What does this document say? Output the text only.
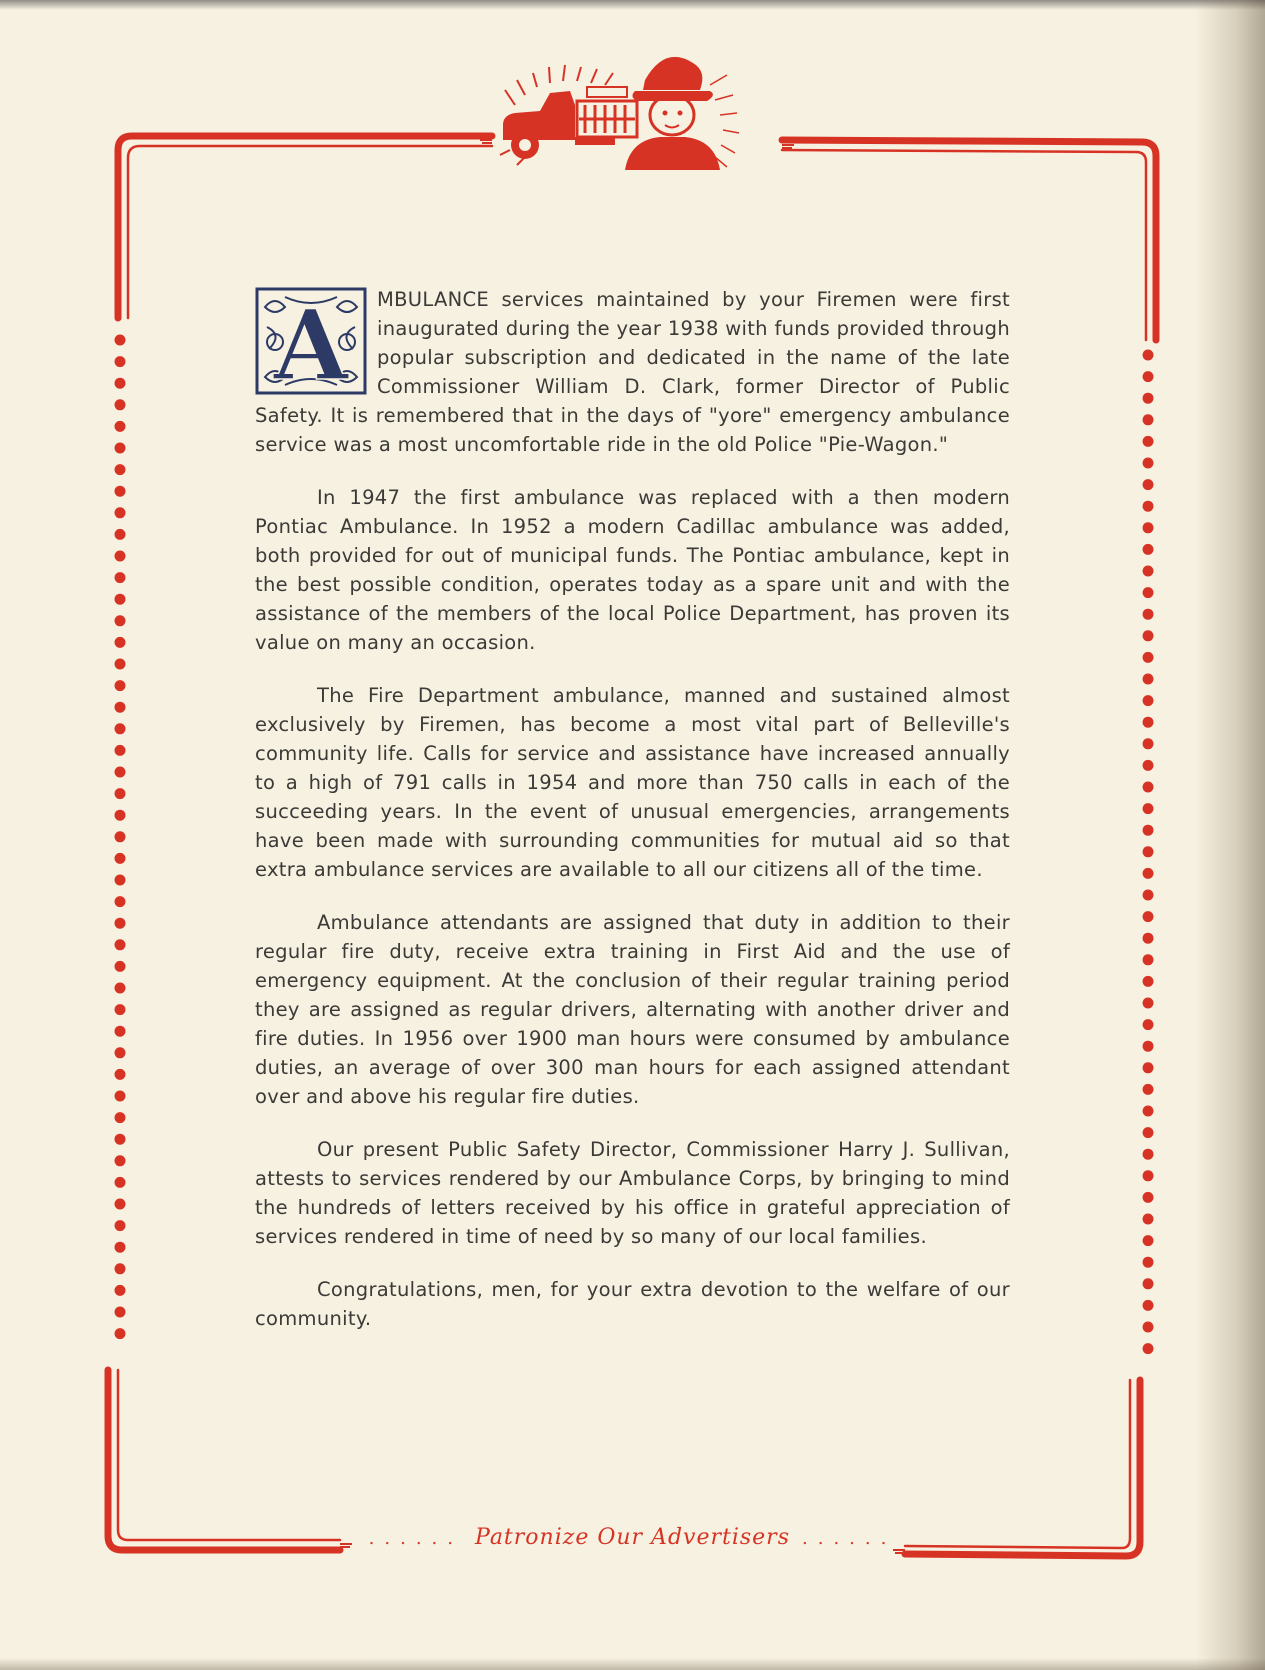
A MBULANCE services maintained by your Firemen were first inaugurated during the year 1938 with funds provided through popular subscription and dedicated in the name of the late Commissioner William D. Clark, former Director of Public Safety. It is remembered that in the days of "yore" emergency ambulance service was a most uncomfortable ride in the old Police "Pie-Wagon."

In 1947 the first ambulance was replaced with a then modern Pontiac Ambulance. In 1952 a modern Cadillac ambulance was added, both provided for out of municipal funds. The Pontiac ambulance, kept in the best possible condition, operates today as a spare unit and with the assistance of the members of the local Police Department, has proven its value on many an occasion.

The Fire Department ambulance, manned and sustained almost exclusively by Firemen, has become a most vital part of Belleville's community life. Calls for service and assistance have increased annually to a high of 791 calls in 1954 and more than 750 calls in each of the succeeding years. In the event of unusual emergencies, arrangements have been made with surrounding communities for mutual aid so that extra ambulance services are available to all our citizens all of the time.

Ambulance attendants are assigned that duty in addition to their regular fire duty, receive extra training in First Aid and the use of emergency equipment. At the conclusion of their regular training period they are assigned as regular drivers, alternating with another driver and fire duties. In 1956 over 1900 man hours were consumed by ambulance duties, an average of over 300 man hours for each assigned attendant over and above his regular fire duties.

Our present Public Safety Director, Commissioner Harry J. Sullivan, attests to services rendered by our Ambulance Corps, by bringing to mind the hundreds of letters received by his office in grateful appreciation of services rendered in time of need by so many of our local families.

Congratulations, men, for your extra devotion to the welfare of our community.

...... Patronize Our Advertisers ......
